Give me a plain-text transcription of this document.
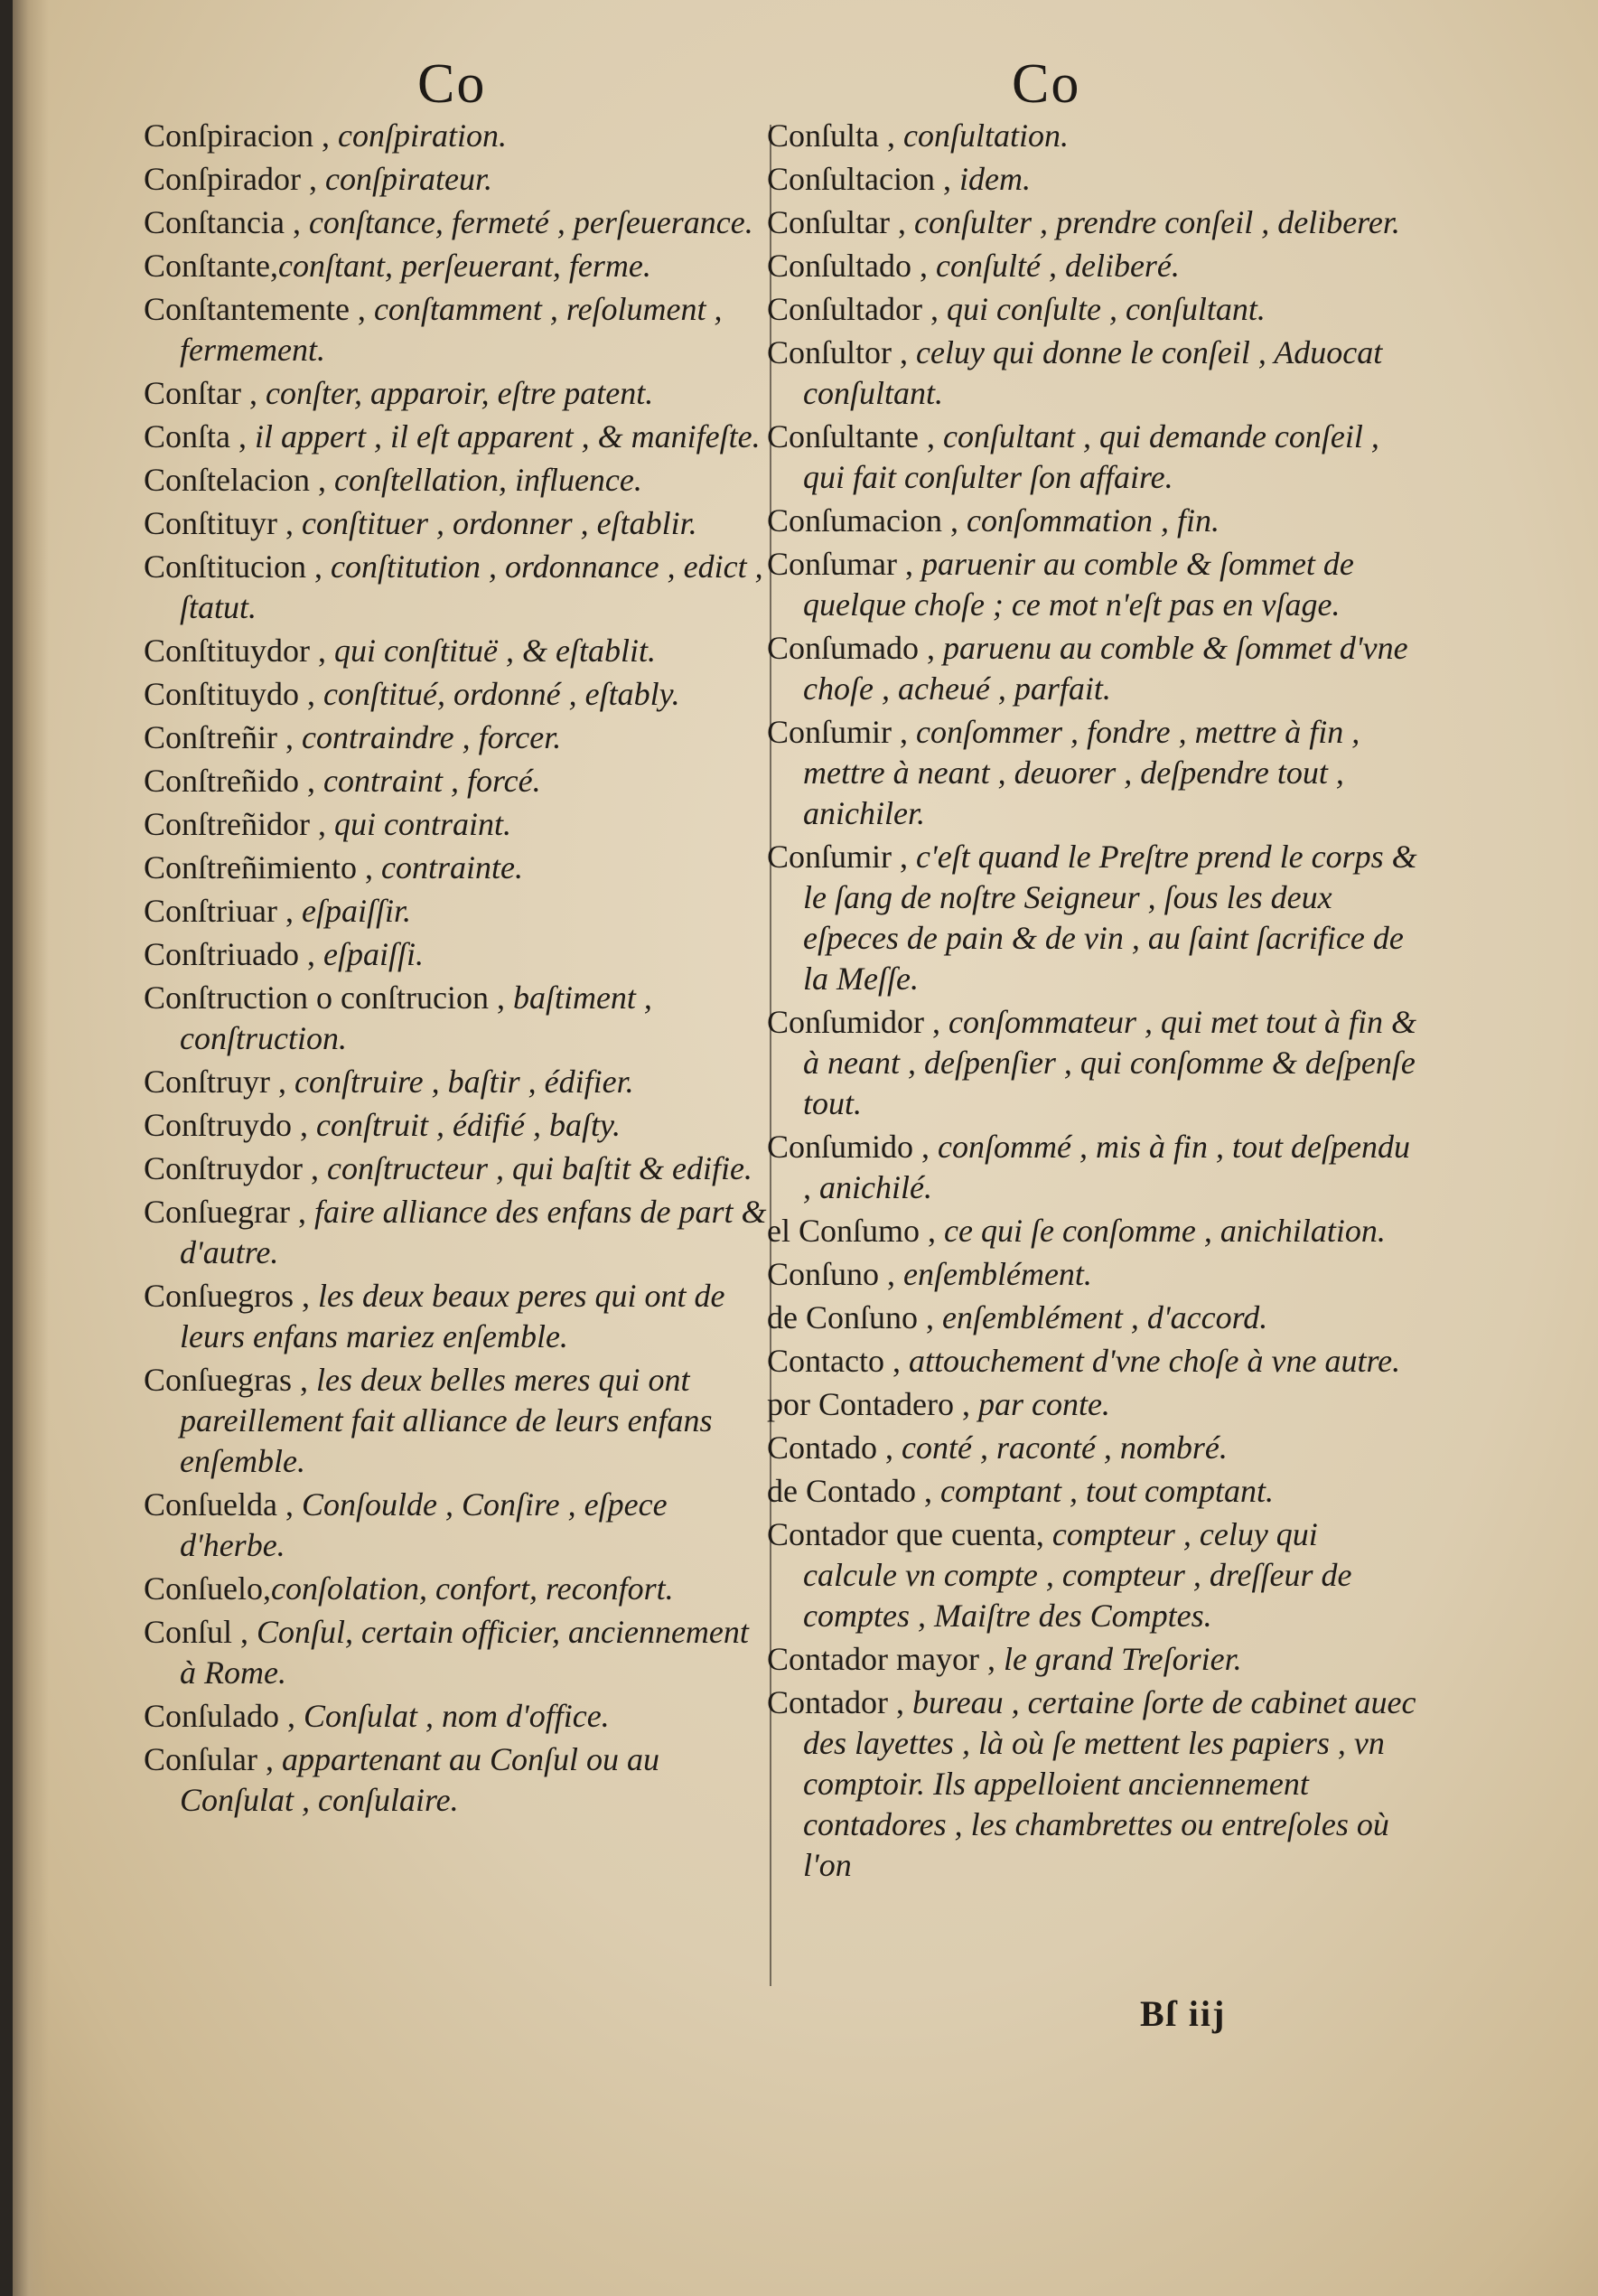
Co	Co
Conſpiracion , conſpiration.
Conſpirador , conſpirateur.
Conſtancia , conſtance, fermeté , perſeuerance.
Conſtante,conſtant, perſeuerant, ferme.
Conſtantemente , conſtamment , reſolument , fermement.
Conſtar , conſter, apparoir, eſtre patent.
Conſta , il appert , il eſt apparent , & manifeſte.
Conſtelacion , conſtellation, influence.
Conſtituyr , conſtituer , ordonner , eſtablir.
Conſtitucion , conſtitution , ordonnance , edict , ſtatut.
Conſtituydor , qui conſtituë , & eſtablit.
Conſtituydo , conſtitué, ordonné , eſtably.
Conſtreñir , contraindre , forcer.
Conſtreñido , contraint , forcé.
Conſtreñidor , qui contraint.
Conſtreñimiento , contrainte.
Conſtriuar , eſpaiſſir.
Conſtriuado , eſpaiſſi.
Conſtruction o conſtrucion , baſtiment , conſtruction.
Conſtruyr , conſtruire , baſtir , édifier.
Conſtruydo , conſtruit , édifié , baſty.
Conſtruydor , conſtructeur , qui baſtit & edifie.
Conſuegrar , faire alliance des enfans de part & d'autre.
Conſuegros , les deux beaux peres qui ont de leurs enfans mariez enſemble.
Conſuegras , les deux belles meres qui ont pareillement fait alliance de leurs enfans enſemble.
Conſuelda , Conſoulde , Conſire , eſpece d'herbe.
Conſuelo,conſolation, confort, reconfort.
Conſul , Conſul, certain officier, anciennement à Rome.
Conſulado , Conſulat , nom d'office.
Conſular , appartenant au Conſul ou au Conſulat , conſulaire.
Conſulta , conſultation.
Conſultacion , idem.
Conſultar , conſulter , prendre conſeil , deliberer.
Conſultado , conſulté , deliberé.
Conſultador , qui conſulte , conſultant.
Conſultor , celuy qui donne le conſeil , Aduocat conſultant.
Conſultante , conſultant , qui demande conſeil , qui fait conſulter ſon affaire.
Conſumacion , conſommation , fin.
Conſumar , paruenir au comble & ſommet de quelque choſe ; ce mot n'eſt pas en vſage.
Conſumado , paruenu au comble & ſommet d'vne choſe , acheué , parfait.
Conſumir , conſommer , fondre , mettre à fin , mettre à neant , deuorer , deſpendre tout , anichiler.
Conſumir , c'eſt quand le Preſtre prend le corps & le ſang de noſtre Seigneur , ſous les deux eſpeces de pain & de vin , au ſaint ſacrifice de la Meſſe.
Conſumidor , conſommateur , qui met tout à fin & à neant , deſpenſier , qui conſomme & deſpenſe tout.
Conſumido , conſommé , mis à fin , tout deſpendu , anichilé.
el Conſumo , ce qui ſe conſomme , anichilation.
Conſuno , enſemblément.
de Conſuno , enſemblément , d'accord.
Contacto , attouchement d'vne choſe à vne autre.
por Contadero , par conte.
Contado , conté , raconté , nombré.
de Contado , comptant , tout comptant.
Contador que cuenta, compteur , celuy qui calcule vn compte , compteur , dreſſeur de comptes , Maiſtre des Comptes.
Contador mayor , le grand Treſorier.
Contador , bureau , certaine ſorte de cabinet auec des layettes , là où ſe mettent les papiers , vn comptoir. Ils appelloient anciennement contadores , les chambrettes ou entreſoles où l'on
Bſ iij
